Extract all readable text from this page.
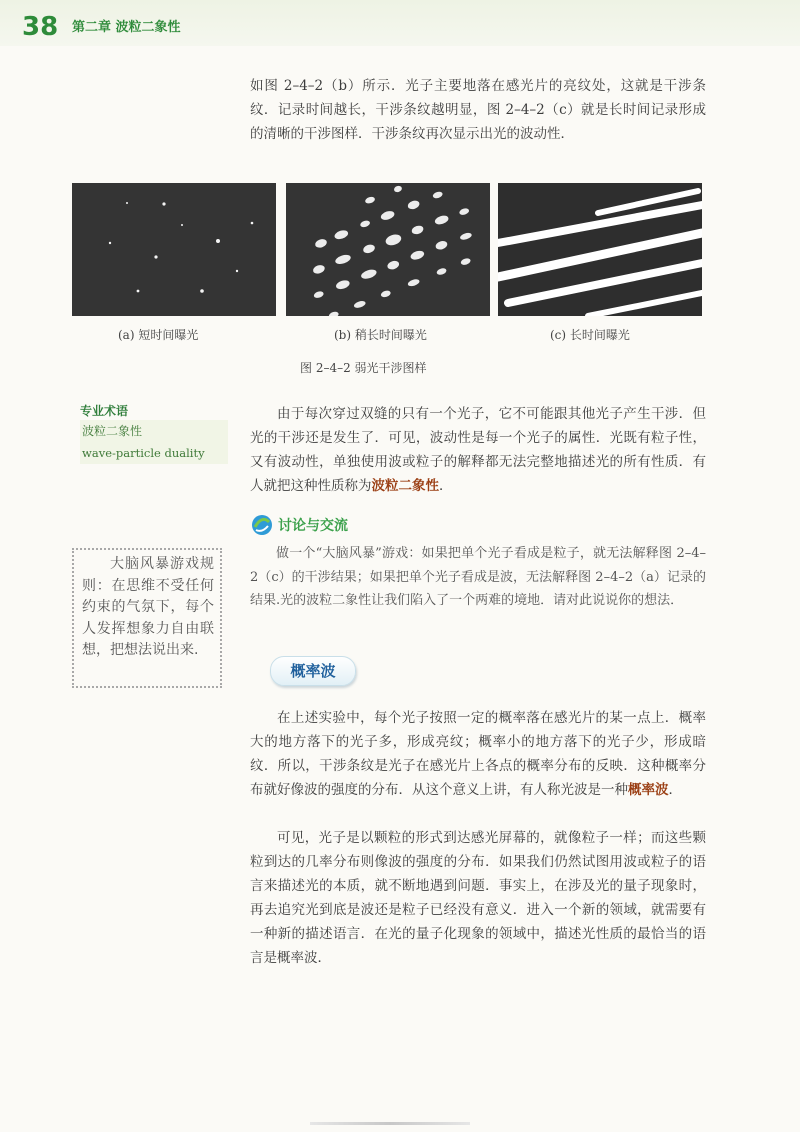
38 第二章 波粒二象性

如图 2–4–2（b）所示．光子主要地落在感光片的亮纹处，这就是干涉条纹．记录时间越长，干涉条纹越明显，图 2–4–2（c）就是长时间记录形成的清晰的干涉图样．干涉条纹再次显示出光的波动性．

(a) 短时间曝光	(b) 稍长时间曝光	(c) 长时间曝光
图 2–4–2 弱光干涉图样
专业术语
波粒二象性
wave-particle duality

由于每次穿过双缝的只有一个光子，它不可能跟其他光子产生干涉．但光的干涉还是发生了．可见，波动性是每一个光子的属性．光既有粒子性，又有波动性，单独使用波或粒子的解释都无法完整地描述光的所有性质．有人就把这种性质称为波粒二象性．

讨论与交流

做一个“大脑风暴”游戏：如果把单个光子看成是粒子，就无法解释图 2–4–2（c）的干涉结果；如果把单个光子看成是波，无法解释图 2–4–2（a）记录的结果.光的波粒二象性让我们陷入了一个两难的境地．请对此说说你的想法．

大脑风暴游戏规则：在思维不受任何约束的气氛下，每个人发挥想象力自由联想，把想法说出来.

概率波

在上述实验中，每个光子按照一定的概率落在感光片的某一点上．概率大的地方落下的光子多，形成亮纹；概率小的地方落下的光子少，形成暗纹．所以，干涉条纹是光子在感光片上各点的概率分布的反映．这种概率分布就好像波的强度的分布．从这个意义上讲，有人称光波是一种概率波．

可见，光子是以颗粒的形式到达感光屏幕的，就像粒子一样；而这些颗粒到达的几率分布则像波的强度的分布．如果我们仍然试图用波或粒子的语言来描述光的本质，就不断地遇到问题．事实上，在涉及光的量子现象时，再去追究光到底是波还是粒子已经没有意义．进入一个新的领域，就需要有一种新的描述语言．在光的量子化现象的领域中，描述光性质的最恰当的语言是概率波．
